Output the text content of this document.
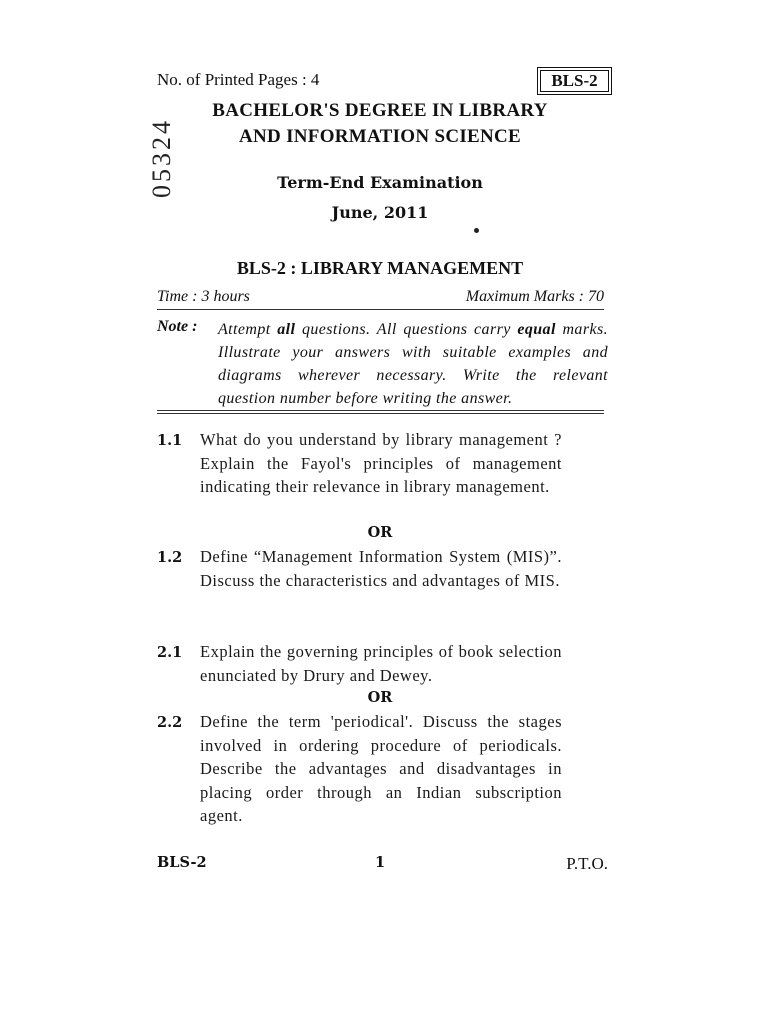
No. of Printed Pages : 4	BLS-2
05324
BACHELOR'S DEGREE IN LIBRARY
AND INFORMATION SCIENCE
Term-End Examination
June, 2011
BLS-2 : LIBRARY MANAGEMENT
Time : 3 hours	Maximum Marks : 70
Note : Attempt all questions. All questions carry equal marks. Illustrate your answers with suitable examples and diagrams wherever necessary. Write the relevant question number before writing the answer.
1.1 What do you understand by library management ? Explain the Fayol's principles of management indicating their relevance in library management.
OR
1.2 Define “Management Information System (MIS)”. Discuss the characteristics and advantages of MIS.
2.1 Explain the governing principles of book selection enunciated by Drury and Dewey.
OR
2.2 Define the term 'periodical'. Discuss the stages involved in ordering procedure of periodicals. Describe the advantages and disadvantages in placing order through an Indian subscription agent.
BLS-2	1	P.T.O.
